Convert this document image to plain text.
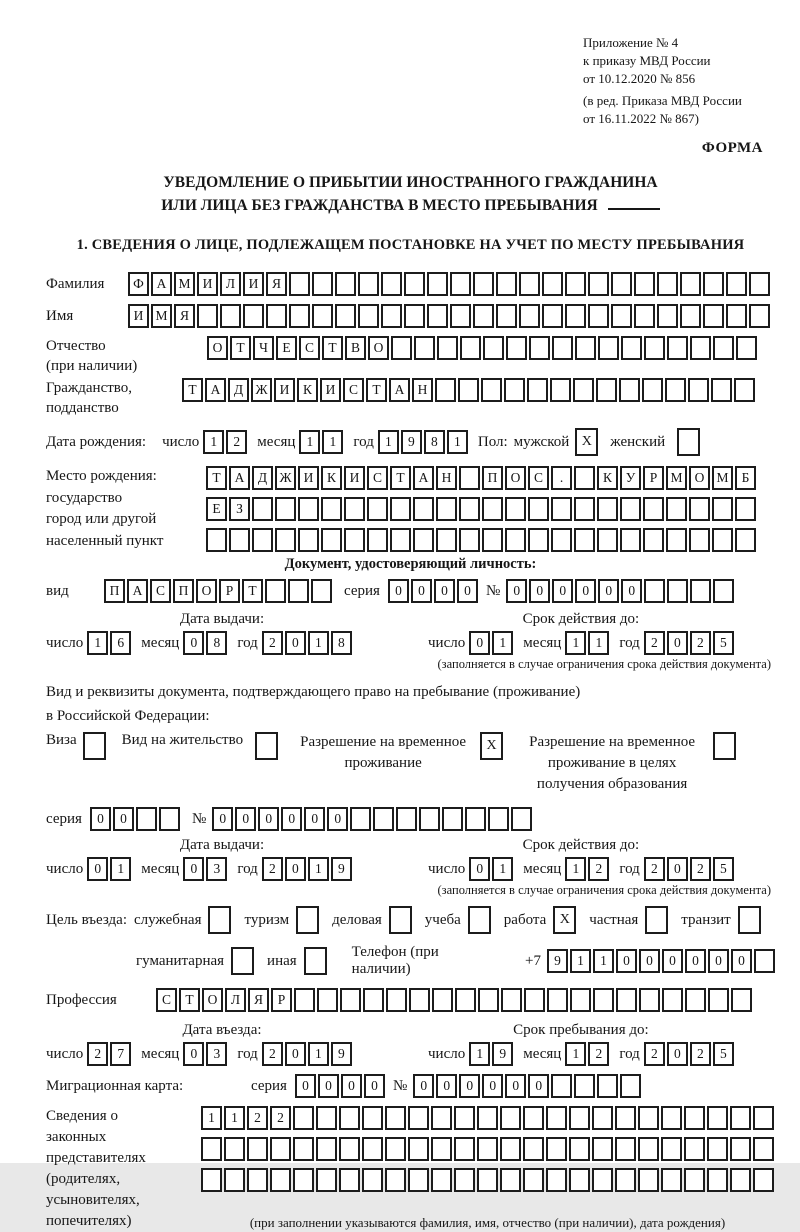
Приложение № 4
к приказу МВД России
от 10.12.2020 № 856
(в ред. Приказа МВД России
от 16.11.2022 № 867)
ФОРМА
УВЕДОМЛЕНИЕ О ПРИБЫТИИ ИНОСТРАННОГО ГРАЖДАНИНА
ИЛИ ЛИЦА БЕЗ ГРАЖДАНСТВА В МЕСТО ПРЕБЫВАНИЯ
1. СВЕДЕНИЯ О ЛИЦЕ, ПОДЛЕЖАЩЕМ ПОСТАНОВКЕ НА УЧЕТ ПО МЕСТУ ПРЕБЫВАНИЯ
Фамилия	Ф А М И	Л	И	Я
Имя	И М Я
Отчество
(при наличии)
О	Т	Ч	Е	С	Т	В	О
Гражданство,
подданство
Т	А	Д Ж И	К	И	С	Т	А Н
Дата рождения: число 1	2	месяц 1	1	год 1	9	8	1	Пол: мужской X	женский
Место рождения:
государство
город или другой
населенный пункт
Т	А	Д Ж И	К	И	С	Т	А Н	П О	С	.	К	У	Р М О М Б
Е	З
Документ, удостоверяющий личность:
вид	П А	С	П О	Р	Т	серия	0	0	0	0	№ 0	0	0	0	0	0
Дата выдачи:
число 1	6	месяц 0	8	год 2	0	1	8
Срок действия до:
число 0	1	месяц 1	1	год 2	0	2	5
(заполняется в случае ограничения срока действия документа)
Вид и реквизиты документа, подтверждающего право на пребывание (проживание)
в Российской Федерации:
Виза	Вид на жительство	Разрешение на временное проживание
X	Разрешение на временное проживание в целях получения образования
серия	0	0	№ 0	0	0	0	0	0
Дата выдачи:
число 0	1	месяц 0	3	год 2	0	1	9
Срок действия до:
число 0	1	месяц 1	2	год 2	0	2	5
(заполняется в случае ограничения срока действия документа)
Цель въезда: служебная	туризм	деловая	учеба	работа X	частная	транзит
гуманитарная	иная
Телефон (при наличии)
+7 9	1	1	0	0	0	0	0	0
Профессия	С	Т	О	Л	Я	Р
Дата въезда:
число 2	7	месяц 0	3	год 2	0	1	9
Срок пребывания до:
число 1	9	месяц 1	2	год 2	0	2	5
Миграционная карта:	серия	0	0	0	0	№ 0	0	0	0	0	0
Сведения о
законных
представителях
(родителях,
усыновителях,
попечителях)
1	1	2	2
(при заполнении указываются фамилия, имя, отчество (при наличии), дата рождения)
